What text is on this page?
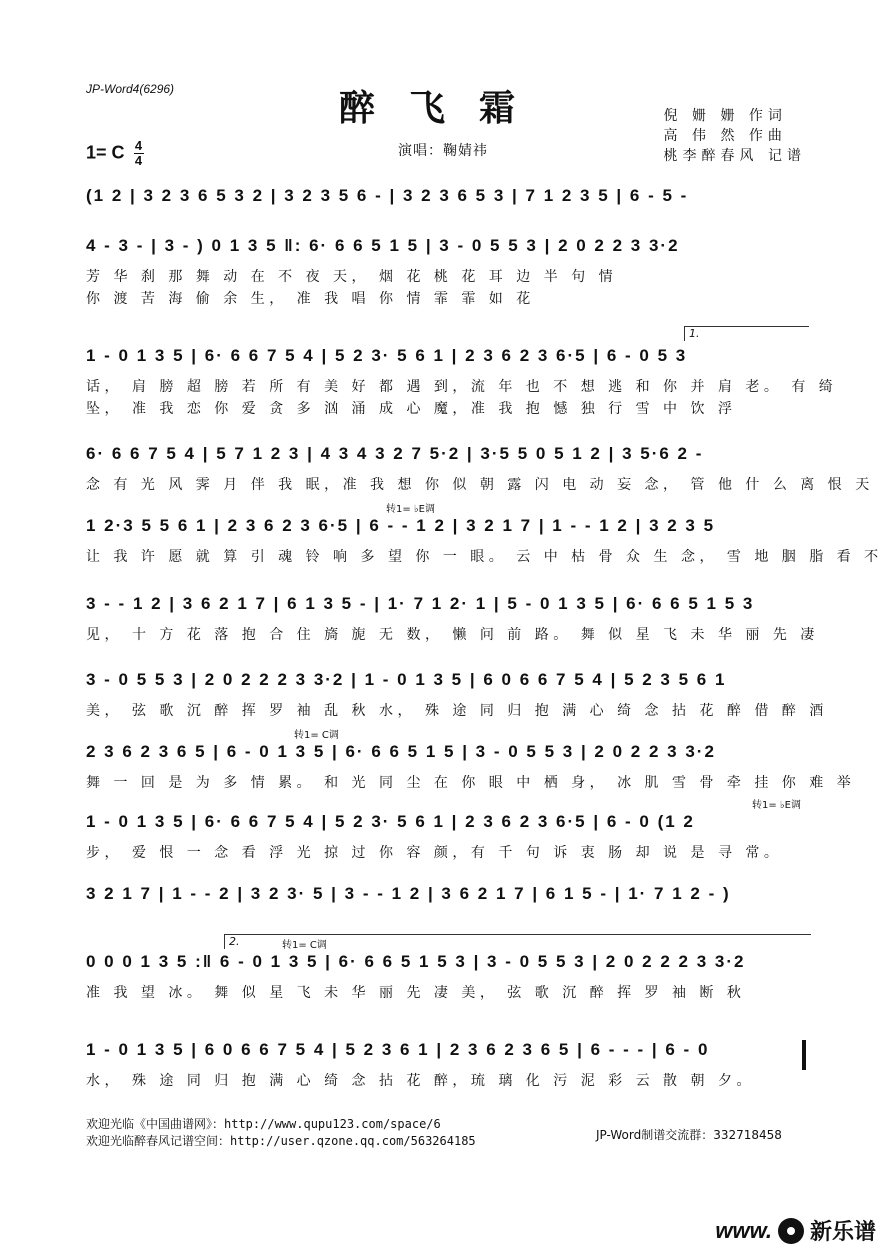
JP-Word4(6296)	醉飞霜	倪 姗 姗 作词
高 伟 然 作曲
桃李醉春风 记谱
1= C $\frac{4}{4}$	演唱：鞠婧祎
(1 2 | 3 2 3 6 5 3 2 | 3 2 3 5 6 - | 3 2 3 6 5 3 | 7 1 2 3 5 | 6 - 5 -
4 - 3 - | 3 - ) 0 1 3 5 ‖: 6· 6 6 5 1 5 | 3 - 0 5 5 3 | 2 0 2 2 3 3·2
芳 华 刹 那 舞 动 在 不 夜 天， 烟 花 桃 花 耳 边 半 句 情
你 渡 苦 海 偷 余 生， 准 我 唱 你 情 霏 霏 如 花
1.
1 - 0 1 3 5 | 6· 6 6 7 5 4 | 5 2 3· 5 6 1 | 2 3 6 2 3 6·5 | 6 - 0 5 3
话， 肩 膀 超 膀 若 所 有 美 好 都 遇 到，流 年 也 不 想 逃 和 你 并 肩 老。 有 绮
坠， 准 我 恋 你 爱 贪 多 汹 涌 成 心 魔，准 我 抱 憾 独 行 雪 中 饮 浮
6· 6 6 7 5 4 | 5 7 1 2 3 | 4 3 4 3 2 7 5·2 | 3·5 5 0 5 1 2 | 3 5·6 2 -
念 有 光 风 霁 月 伴 我 眠，准 我 想 你 似 朝 露 闪 电 动 妄 念， 管 他 什 么 离 恨 天
转1= ♭E调
1 2·3 5 5 6 1 | 2 3 6 2 3 6·5 | 6 - - 1 2 | 3 2 1 7 | 1 - - 1 2 | 3 2 3 5
让 我 许 愿 就 算 引 魂 铃 响 多 望 你 一 眼。 云 中 枯 骨 众 生 念， 雪 地 胭 脂 看 不
3 - - 1 2 | 3 6 2 1 7 | 6 1 3 5 - | 1· 7 1 2· 1 | 5 - 0 1 3 5 | 6· 6 6 5 1 5 3
见， 十 方 花 落 抱 合 住 旖 旎 无 数， 懒 问 前 路。 舞 似 星 飞 未 华 丽 先 凄
3 - 0 5 5 3 | 2 0 2 2 2 3 3·2 | 1 - 0 1 3 5 | 6 0 6 6 7 5 4 | 5 2 3 5 6 1
美， 弦 歌 沉 醉 挥 罗 袖 乱 秋 水， 殊 途 同 归 抱 满 心 绮 念 拈 花 醉 借 醉 酒
转1= C调
2 3 6 2 3 6 5 | 6 - 0 1 3 5 | 6· 6 6 5 1 5 | 3 - 0 5 5 3 | 2 0 2 2 3 3·2
舞 一 回 是 为 多 情 累。 和 光 同 尘 在 你 眼 中 栖 身， 冰 肌 雪 骨 牵 挂 你 难 举
转1= ♭E调
1 - 0 1 3 5 | 6· 6 6 7 5 4 | 5 2 3· 5 6 1 | 2 3 6 2 3 6·5 | 6 - 0 (1 2
步， 爱 恨 一 念 看 浮 光 掠 过 你 容 颜，有 千 句 诉 衷 肠 却 说 是 寻 常。
3 2 1 7 | 1 - - 2 | 3 2 3· 5 | 3 - - 1 2 | 3 6 2 1 7 | 6 1 5 - | 1· 7 1 2 - )
2.	转1= C调
0 0 0 1 3 5 :‖ 6 - 0 1 3 5 | 6· 6 6 5 1 5 3 | 3 - 0 5 5 3 | 2 0 2 2 2 3 3·2
准 我 望 冰。 舞 似 星 飞 未 华 丽 先 凄 美， 弦 歌 沉 醉 挥 罗 袖 断 秋
1 - 0 1 3 5 | 6 0 6 6 7 5 4 | 5 2 3 6 1 | 2 3 6 2 3 6 5 | 6 - - - | 6 - 0
水， 殊 途 同 归 抱 满 心 绮 念 拈 花 醉，琉 璃 化 污 泥 彩 云 散 朝 夕。
欢迎光临《中国曲谱网》：http://www.qupu123.com/space/6
欢迎光临醉春风记谱空间：http://user.qzone.qq.com/563264185	JP-Word制谱交流群：332718458
www. 新乐谱
